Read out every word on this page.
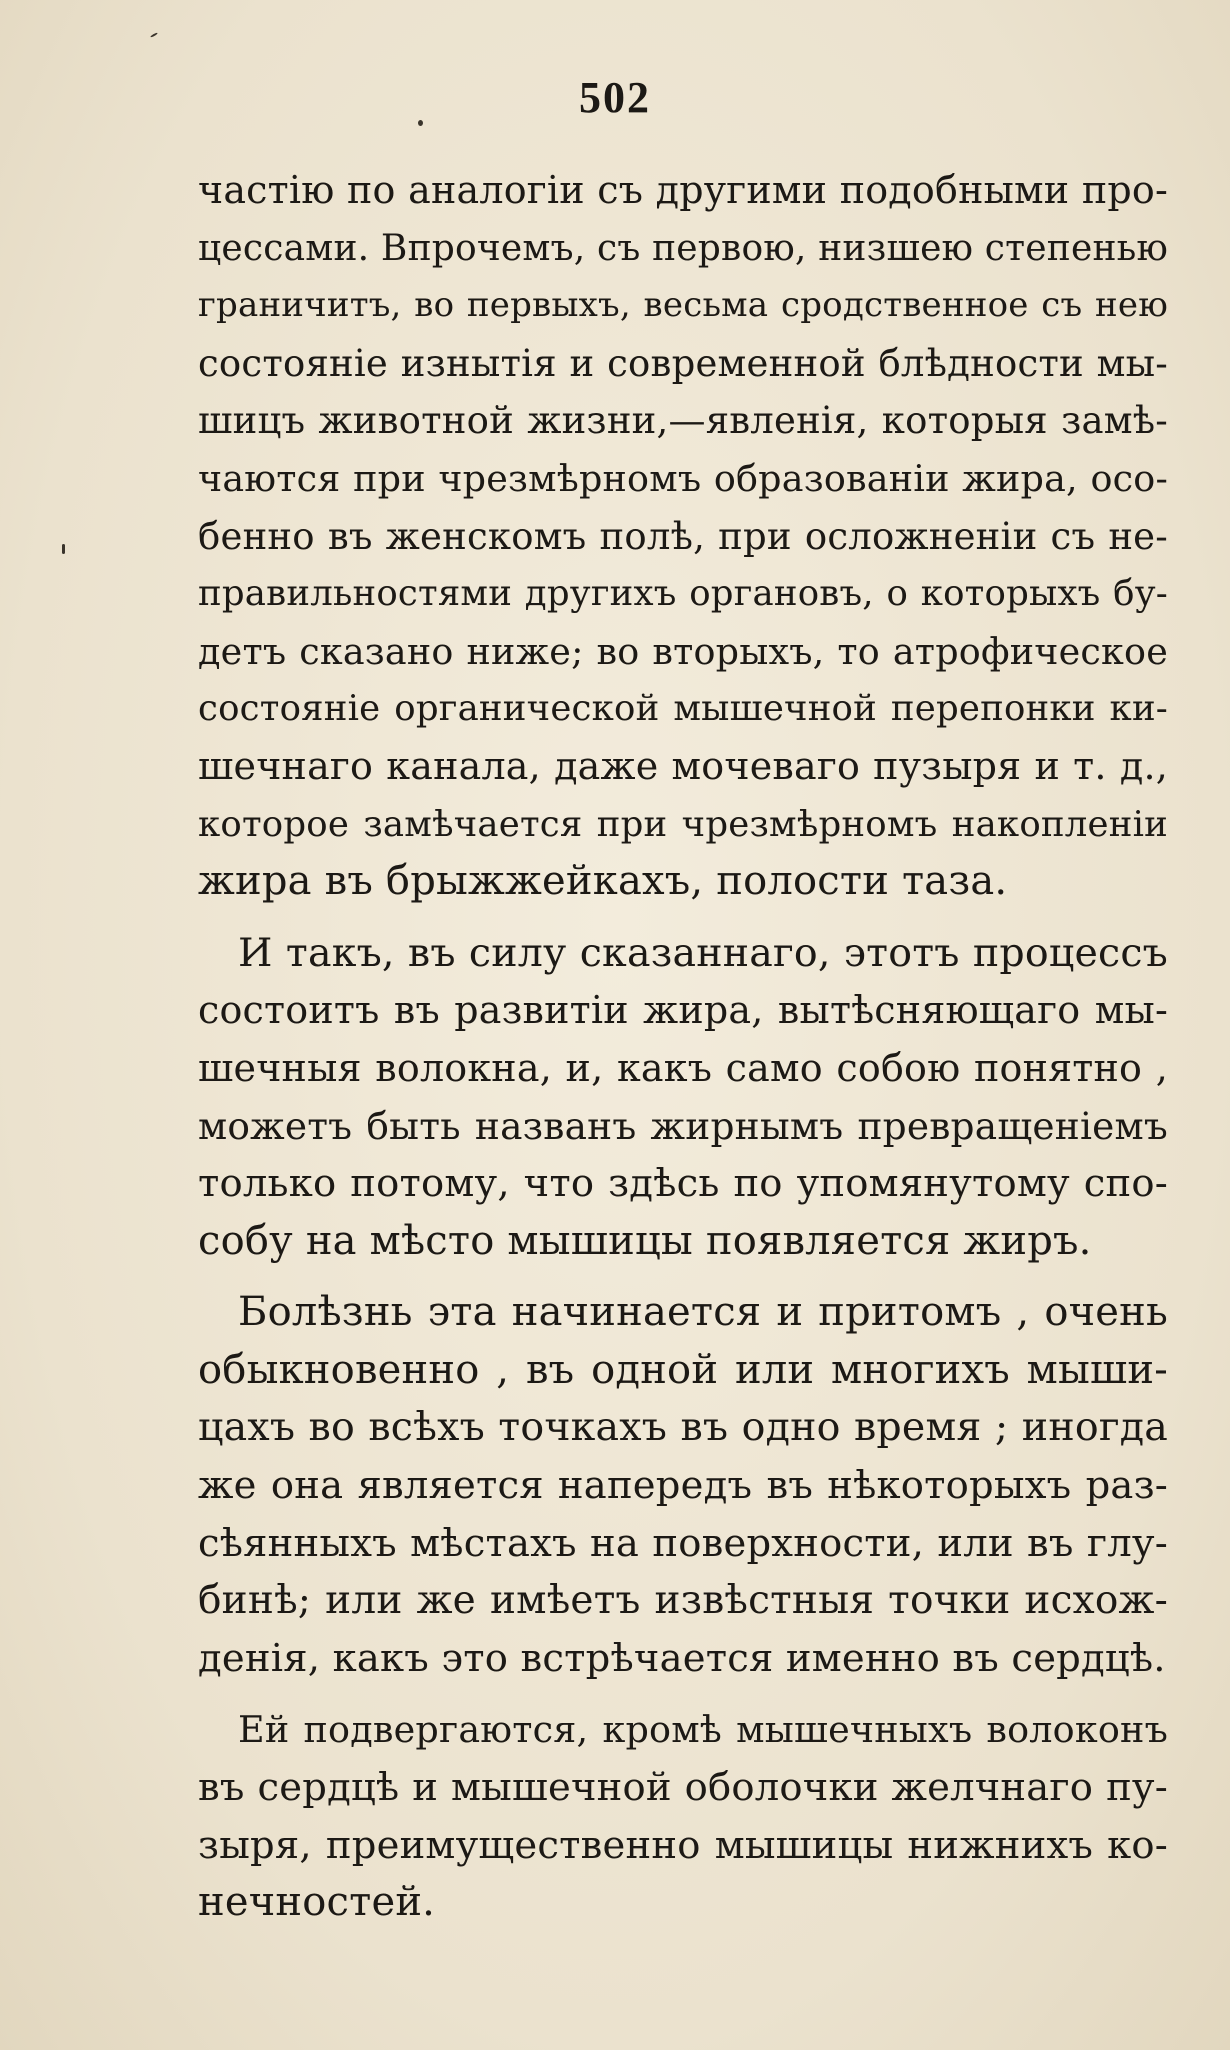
502
частію по аналогіи съ другими подобными про-
цессами. Впрочемъ, съ первою, низшею степенью
граничитъ, во первыхъ, весьма сродственное съ нею
состояніе изнытія и современной блѣдности мы-
шицъ животной жизни,—явленія, которыя замѣ-
чаются при чрезмѣрномъ образованіи жира, осо-
бенно въ женскомъ полѣ, при осложненіи съ не-
правильностями другихъ органовъ, о которыхъ бу-
детъ сказано ниже; во вторыхъ, то атрофическое
состояніе органической мышечной перепонки ки-
шечнаго канала, даже мочеваго пузыря и т. д.,
которое замѣчается при чрезмѣрномъ накопленіи
жира въ брыжжейкахъ, полости таза.
И такъ, въ силу сказаннаго, этотъ процессъ
состоитъ въ развитіи жира, вытѣсняющаго мы-
шечныя волокна, и, какъ само собою понятно ,
можетъ быть названъ жирнымъ превращеніемъ
только потому, что здѣсь по упомянутому спо-
собу на мѣсто мышицы появляется жиръ.
Болѣзнь эта начинается и притомъ , очень
обыкновенно , въ одной или многихъ мыши-
цахъ во всѣхъ точкахъ въ одно время ; иногда
же она является напередъ въ нѣкоторыхъ раз-
сѣянныхъ мѣстахъ на поверхности, или въ глу-
бинѣ; или же имѣетъ извѣстныя точки исхож-
денія, какъ это встрѣчается именно въ сердцѣ.
Ей подвергаются, кромѣ мышечныхъ волоконъ
въ сердцѣ и мышечной оболочки желчнаго пу-
зыря, преимущественно мышицы нижнихъ ко-
нечностей.
